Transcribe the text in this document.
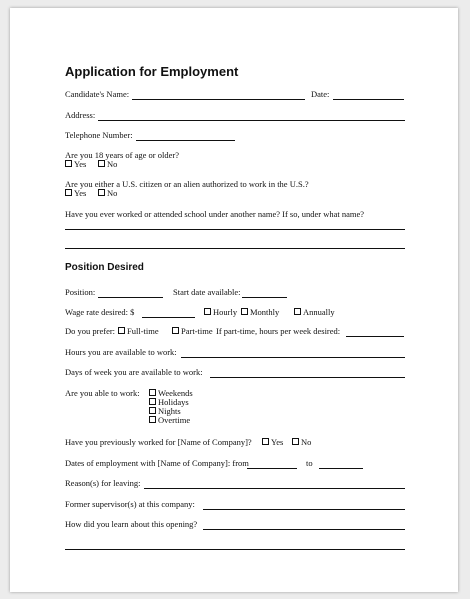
Application for Employment
Candidate's Name:	Date:
Address:
Telephone Number:
Are you 18 years of age or older?
Yes	No
Are you either a U.S. citizen or an alien authorized to work in the U.S.?
Yes	No
Have you ever worked or attended school under another name? If so, under what name?
Position Desired
Position:	Start date available:
Wage rate desired: $	Hourly	Monthly	Annually
Do you prefer:	Full-time	Part-time If part-time, hours per week desired:
Hours you are available to work:
Days of week you are available to work:
Are you able to work:	Weekends
Holidays
Nights
Overtime
Have you previously worked for [Name of Company]?	Yes	No
Dates of employment with [Name of Company]: from	to
Reason(s) for leaving:
Former supervisor(s) at this company:
How did you learn about this opening?
